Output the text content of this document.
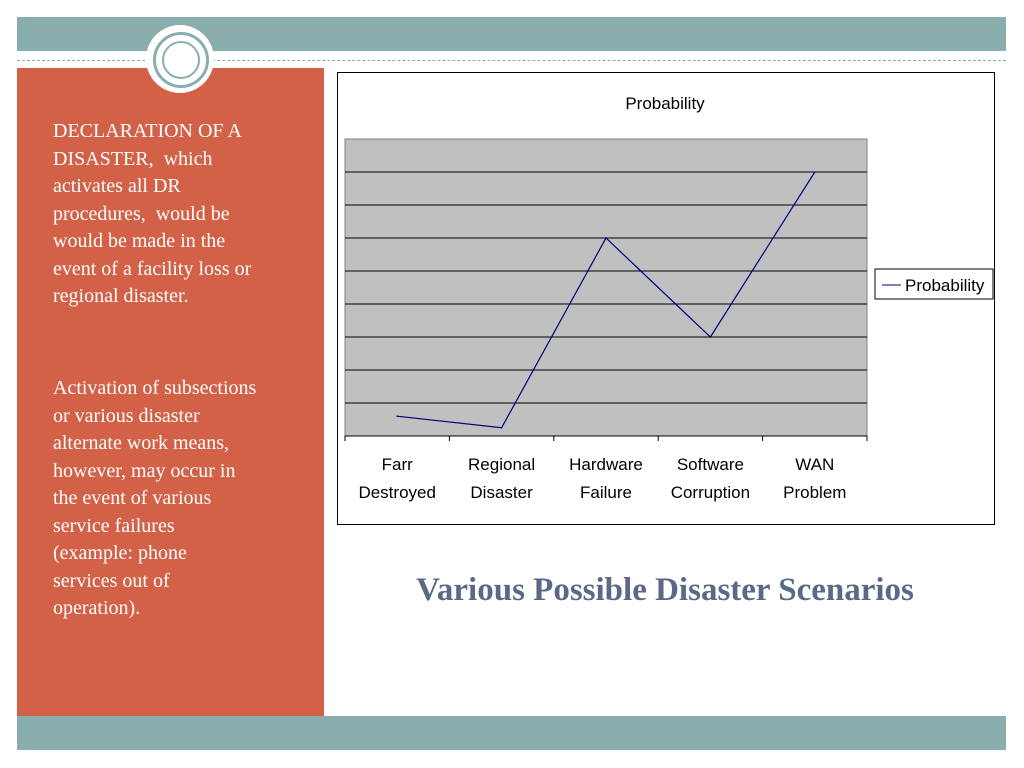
DECLARATION OF A
DISASTER,  which
activates all DR
procedures,  would be
would be made in the
event of a facility loss or
regional disaster.
Activation of subsections
or various disaster
alternate work means,
however, may occur in
the event of various
service failures
(example: phone
services out of
operation).
Probability
Farr Destroyed
Regional Disaster
Hardware Failure
Software Corruption
WAN Problem
Probability
Various Possible Disaster Scenarios
